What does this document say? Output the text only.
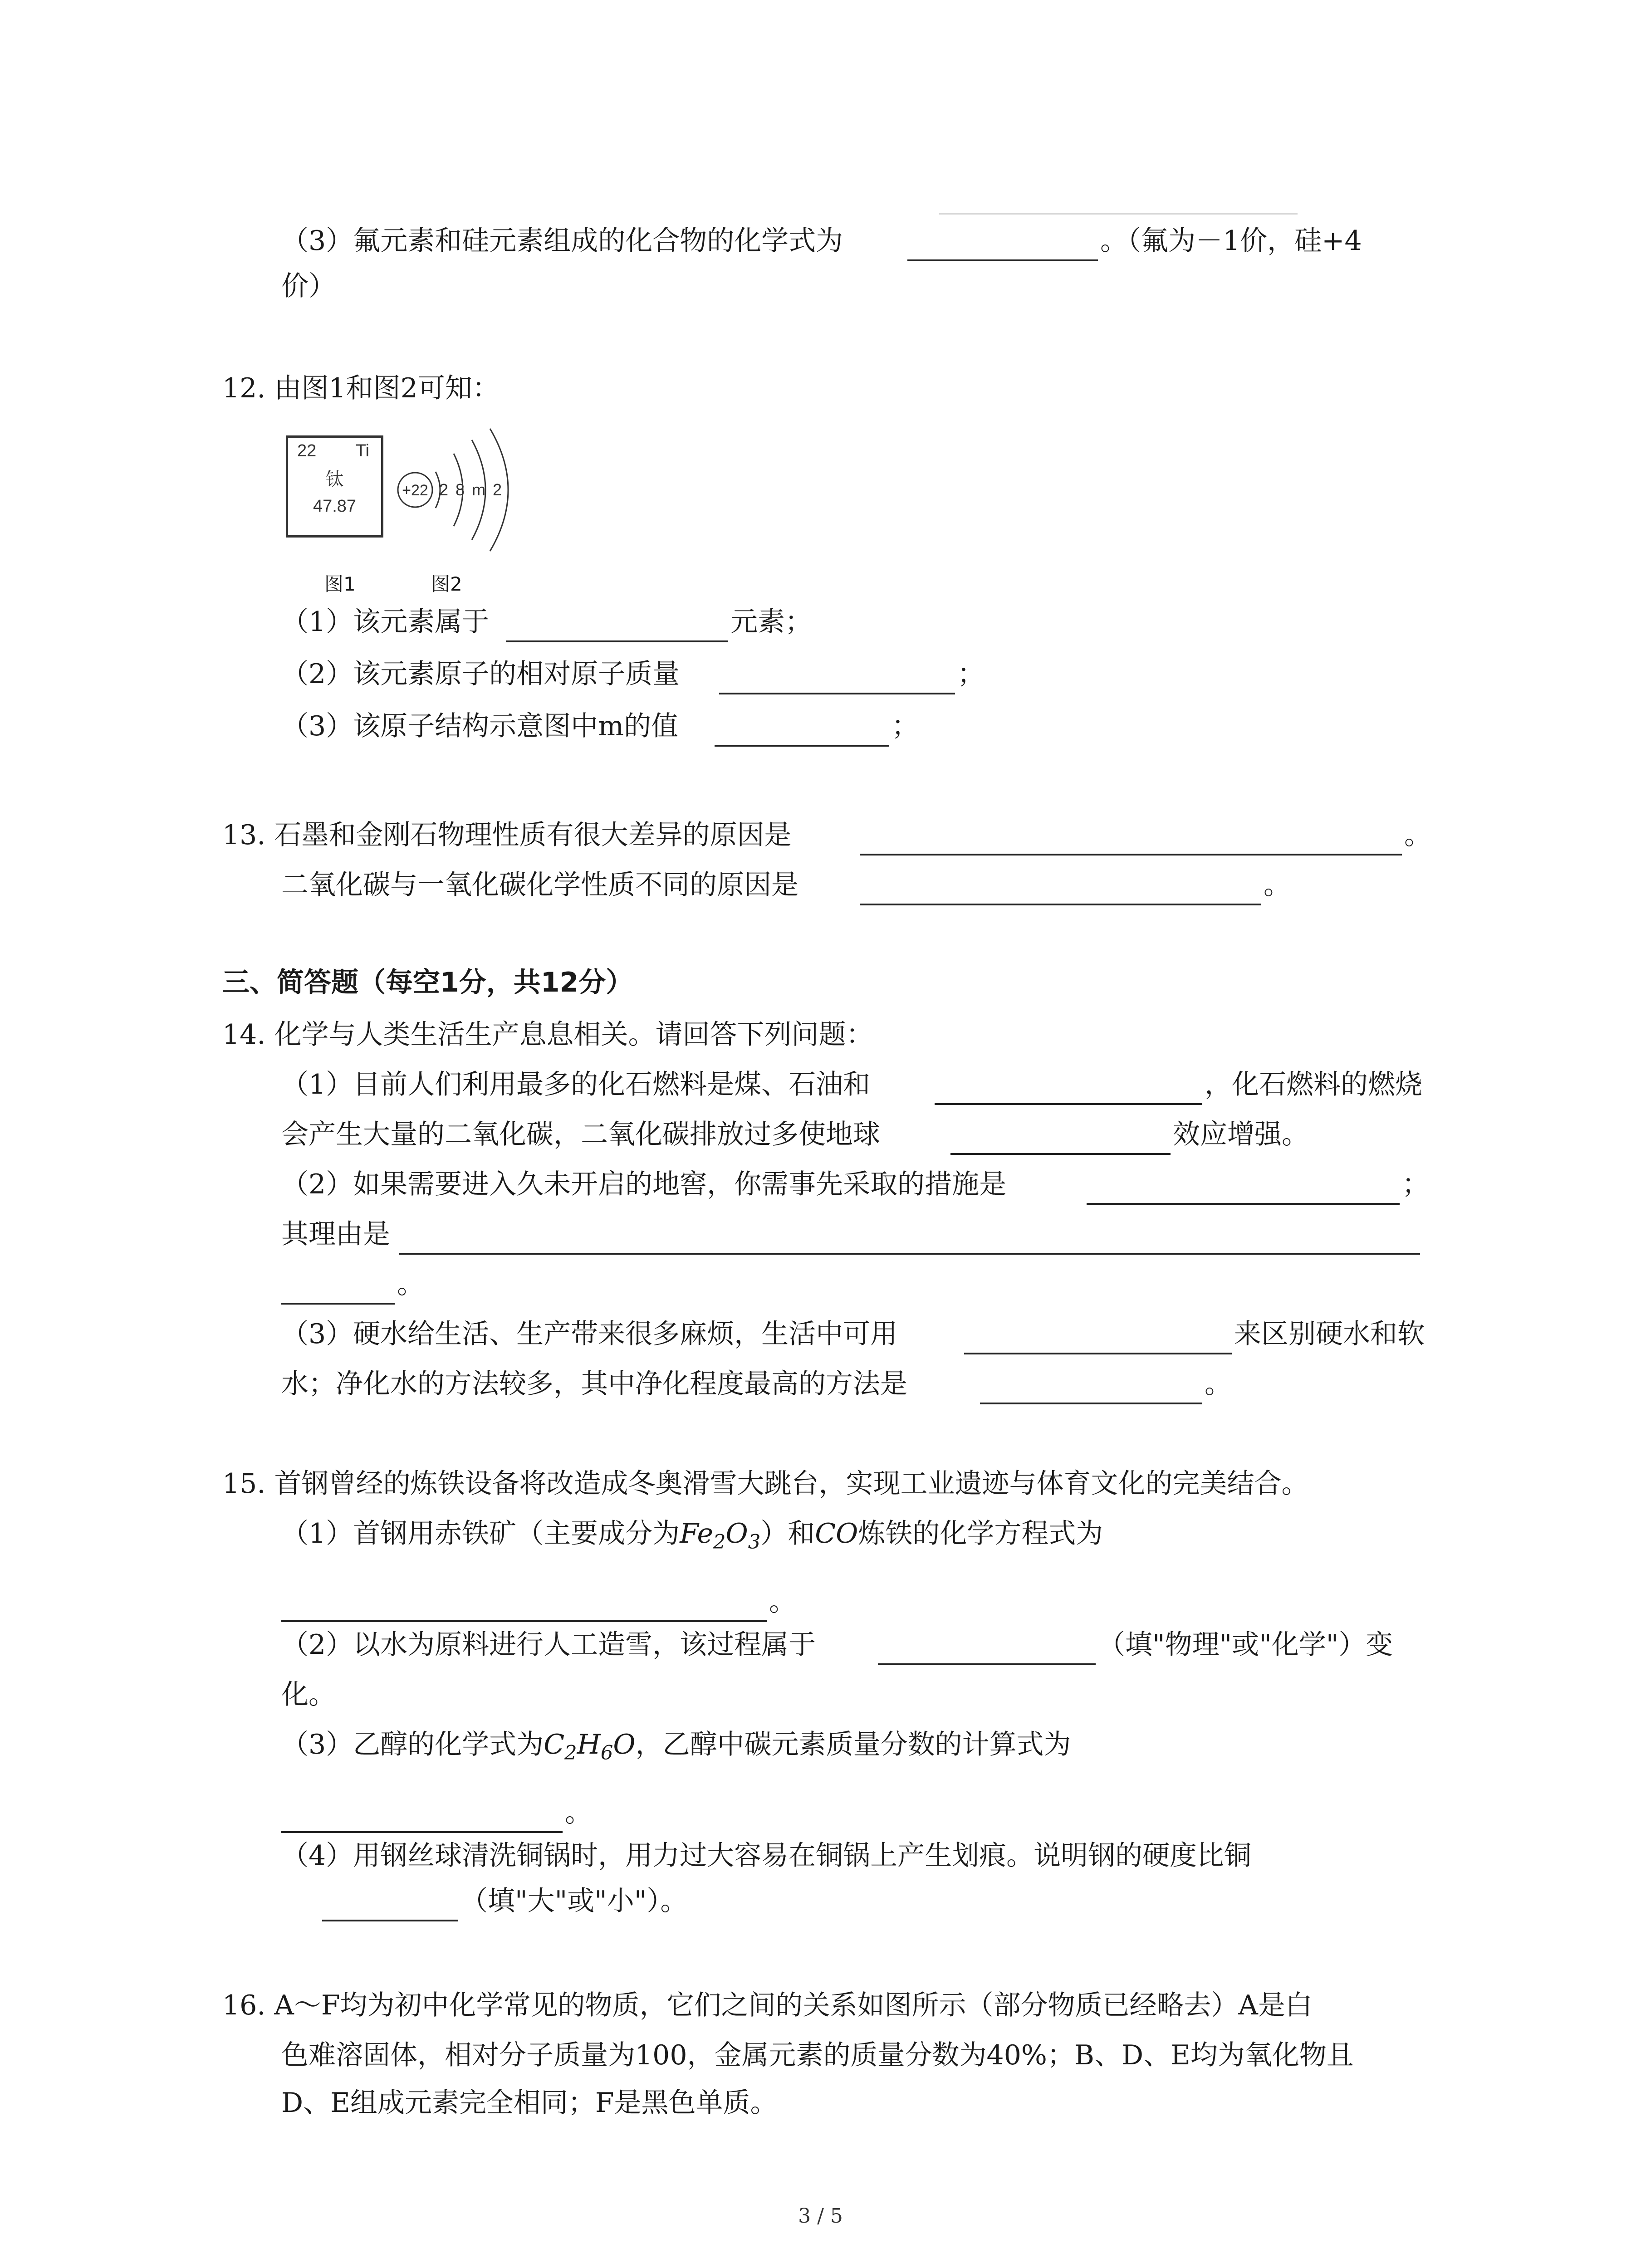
（3）氟元素和硅元素组成的化合物的化学式为	。（氟为－1价，硅+4
价）
12. 由图1和图2可知：
22 Ti
钛
47.87
+22 2 8 m 2
图1	图2
（1）该元素属于	元素；
（2）该元素原子的相对原子质量	；
（3）该原子结构示意图中m的值	；
13. 石墨和金刚石物理性质有很大差异的原因是	。
二氧化碳与一氧化碳化学性质不同的原因是	。
三、简答题（每空1分，共12分）
14. 化学与人类生活生产息息相关。请回答下列问题：
（1）目前人们利用最多的化石燃料是煤、石油和	，化石燃料的燃烧
会产生大量的二氧化碳，二氧化碳排放过多使地球	效应增强。
（2）如果需要进入久未开启的地窖，你需事先采取的措施是	；
其理由是
。
（3）硬水给生活、生产带来很多麻烦，生活中可用	来区别硬水和软
水；净化水的方法较多，其中净化程度最高的方法是	。
15. 首钢曾经的炼铁设备将改造成冬奥滑雪大跳台，实现工业遗迹与体育文化的完美结合。
（1）首钢用赤铁矿（主要成分为$Fe_2O_3$）和CO炼铁的化学方程式为
。
（2）以水为原料进行人工造雪，该过程属于	（填"物理"或"化学"）变
化。
（3）乙醇的化学式为$C_2H_6O$，乙醇中碳元素质量分数的计算式为
。
（4）用钢丝球清洗铜锅时，用力过大容易在铜锅上产生划痕。说明钢的硬度比铜
（填"大"或"小"）。
16. A～F均为初中化学常见的物质，它们之间的关系如图所示（部分物质已经略去）A是白
色难溶固体，相对分子质量为100，金属元素的质量分数为40%；B、D、E均为氧化物且
D、E组成元素完全相同；F是黑色单质。
3 / 5
